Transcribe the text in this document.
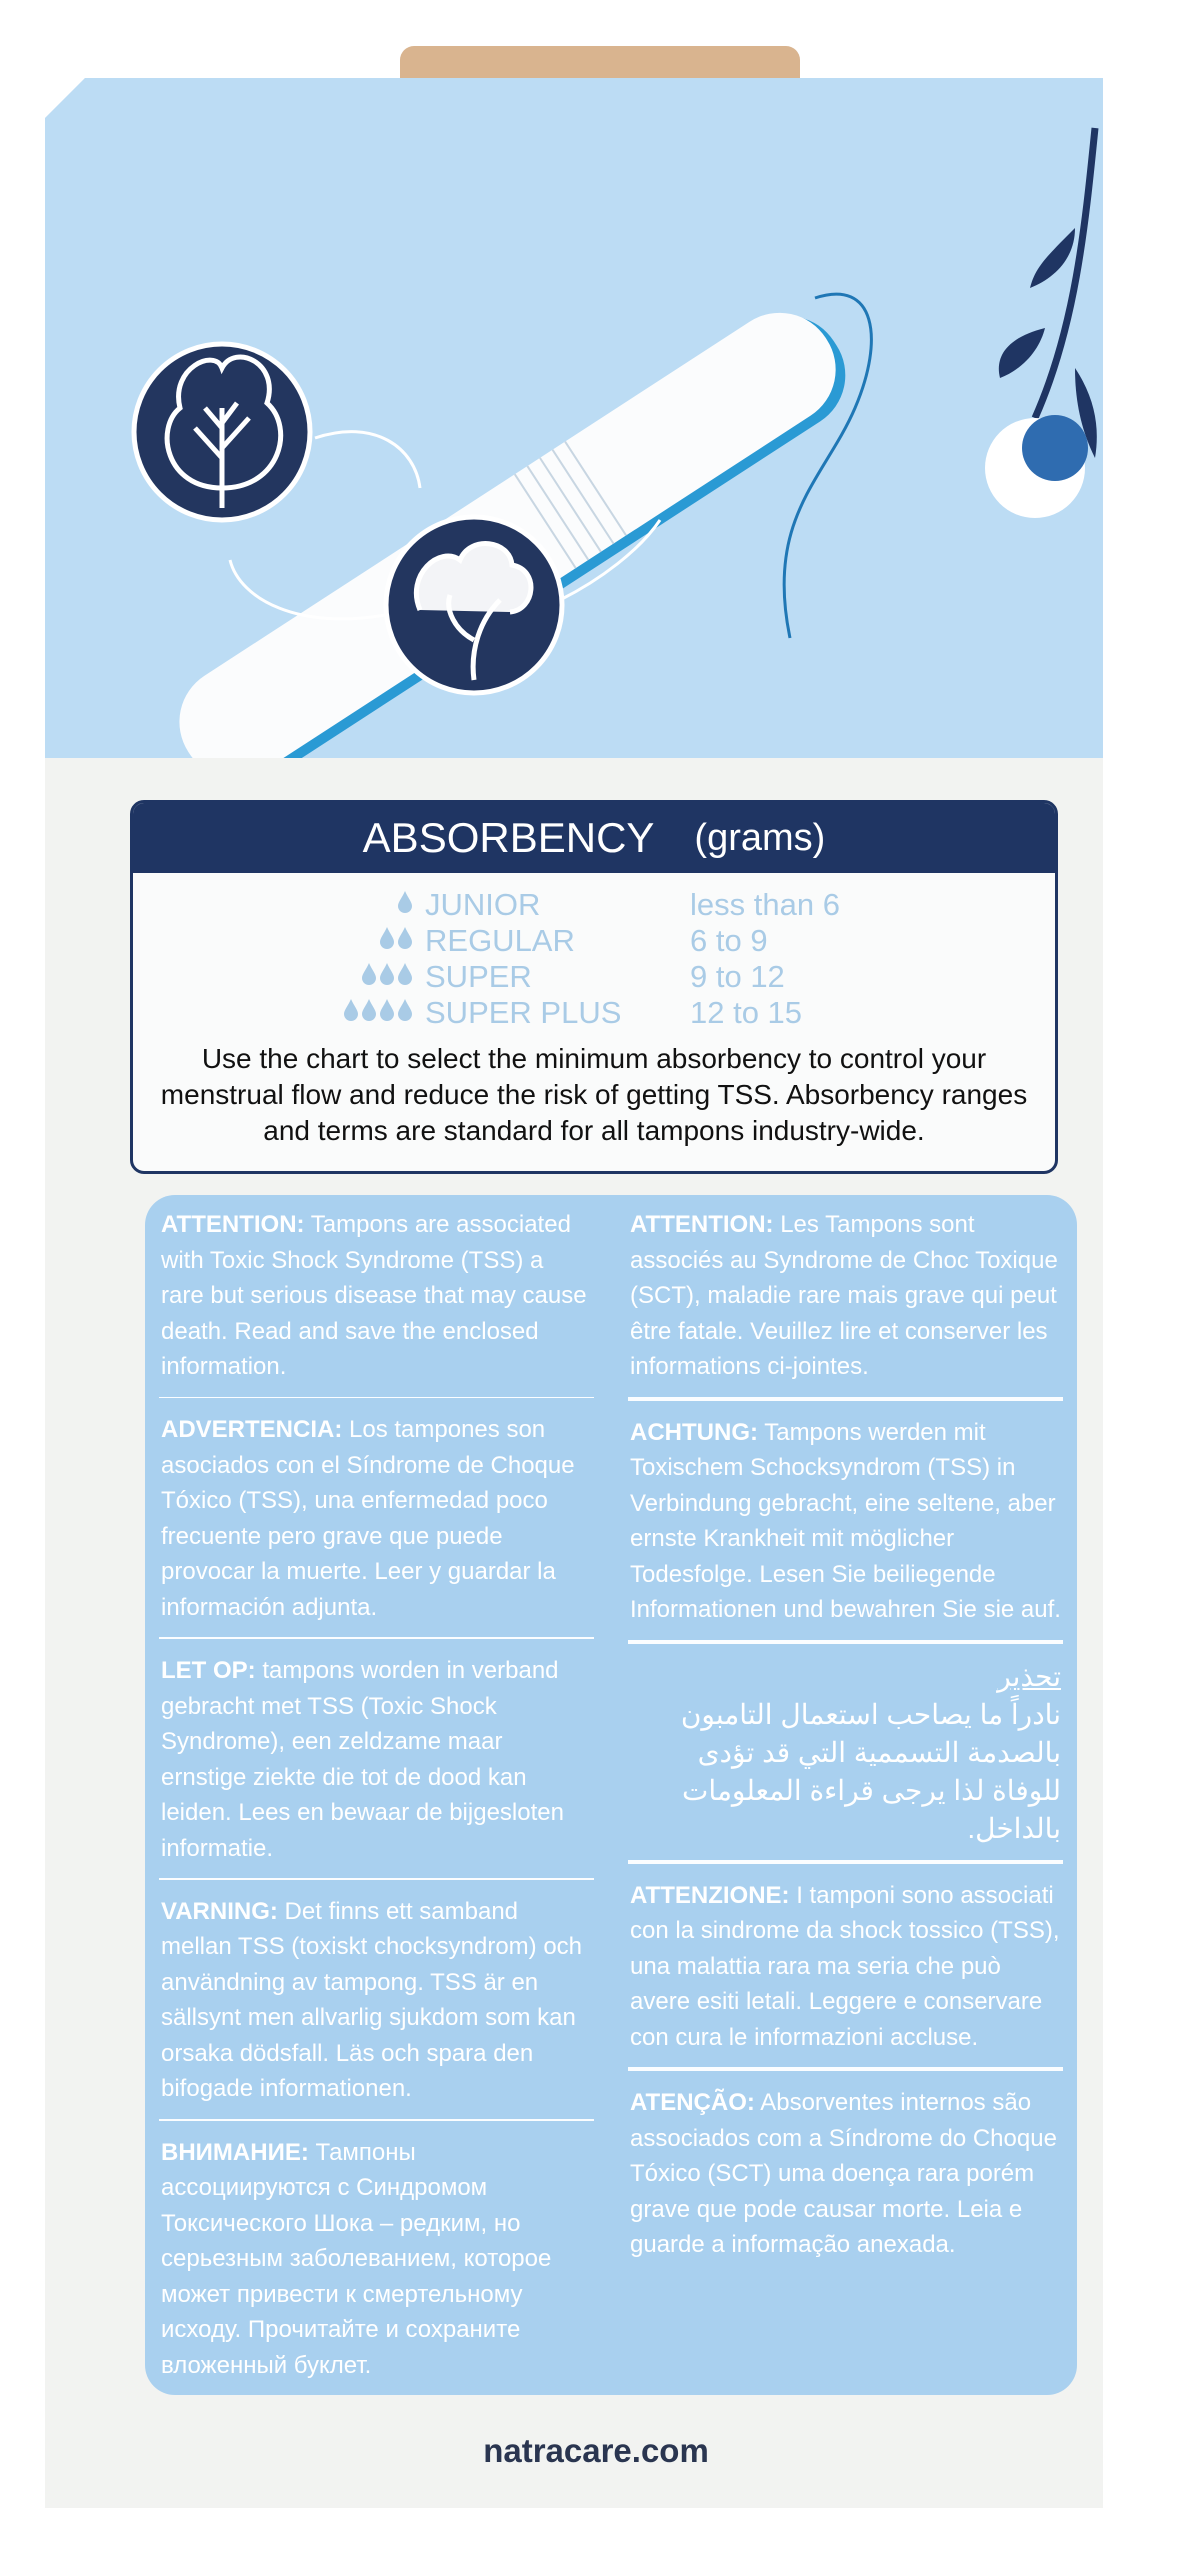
ABSORBENCY (grams)
JUNIOR	less than 6
REGULAR	6 to 9
SUPER	9 to 12
SUPER PLUS	12 to 15
Use the chart to select the minimum absorbency to control your menstrual flow and reduce the risk of getting TSS. Absorbency ranges and terms are standard for all tampons industry-wide.
ATTENTION: Tampons are associated with Toxic Shock Syndrome (TSS) a rare but serious disease that may cause death. Read and save the enclosed information.
ADVERTENCIA: Los tampones son asociados con el Síndrome de Choque Tóxico (TSS), una enfermedad poco frecuente pero grave que puede provocar la muerte. Leer y guardar la información adjunta.
LET OP: tampons worden in verband gebracht met TSS (Toxic Shock Syndrome), een zeldzame maar ernstige ziekte die tot de dood kan leiden. Lees en bewaar de bijgesloten informatie.
VARNING: Det finns ett samband mellan TSS (toxiskt chocksyndrom) och användning av tampong. TSS är en sällsynt men allvarlig sjukdom som kan orsaka dödsfall. Läs och spara den bifogade informationen.
ВНИМАНИЕ: Тампоны ассоциируются с Синдромом Токсического Шока – редким, но серьезным заболеванием, которое может привести к смертельному исходу. Прочитайте и сохраните вложенный буклет.
ATTENTION: Les Tampons sont associés au Syndrome de Choc Toxique (SCT), maladie rare mais grave qui peut être fatale. Veuillez lire et conserver les informations ci-jointes.
ACHTUNG: Tampons werden mit Toxischem Schocksyndrom (TSS) in Verbindung gebracht, eine seltene, aber ernste Krankheit mit möglicher Todesfolge. Lesen Sie beiliegende Informationen und bewahren Sie sie auf.
تحذير
نادراً ما يصاحب استعمال التامبون بالصدمة التسممية التي قد تؤدى للوفاة لذا يرجى قراءة المعلومات بالداخل.
ATTENZIONE: I tamponi sono associati con la sindrome da shock tossico (TSS), una malattia rara ma seria che può avere esiti letali. Leggere e conservare con cura le informazioni accluse.
ATENÇÃO: Absorventes internos são associados com a Síndrome do Choque Tóxico (SCT) uma doença rara porém grave que pode causar morte. Leia e guarde a informação anexada.
natracare.com
